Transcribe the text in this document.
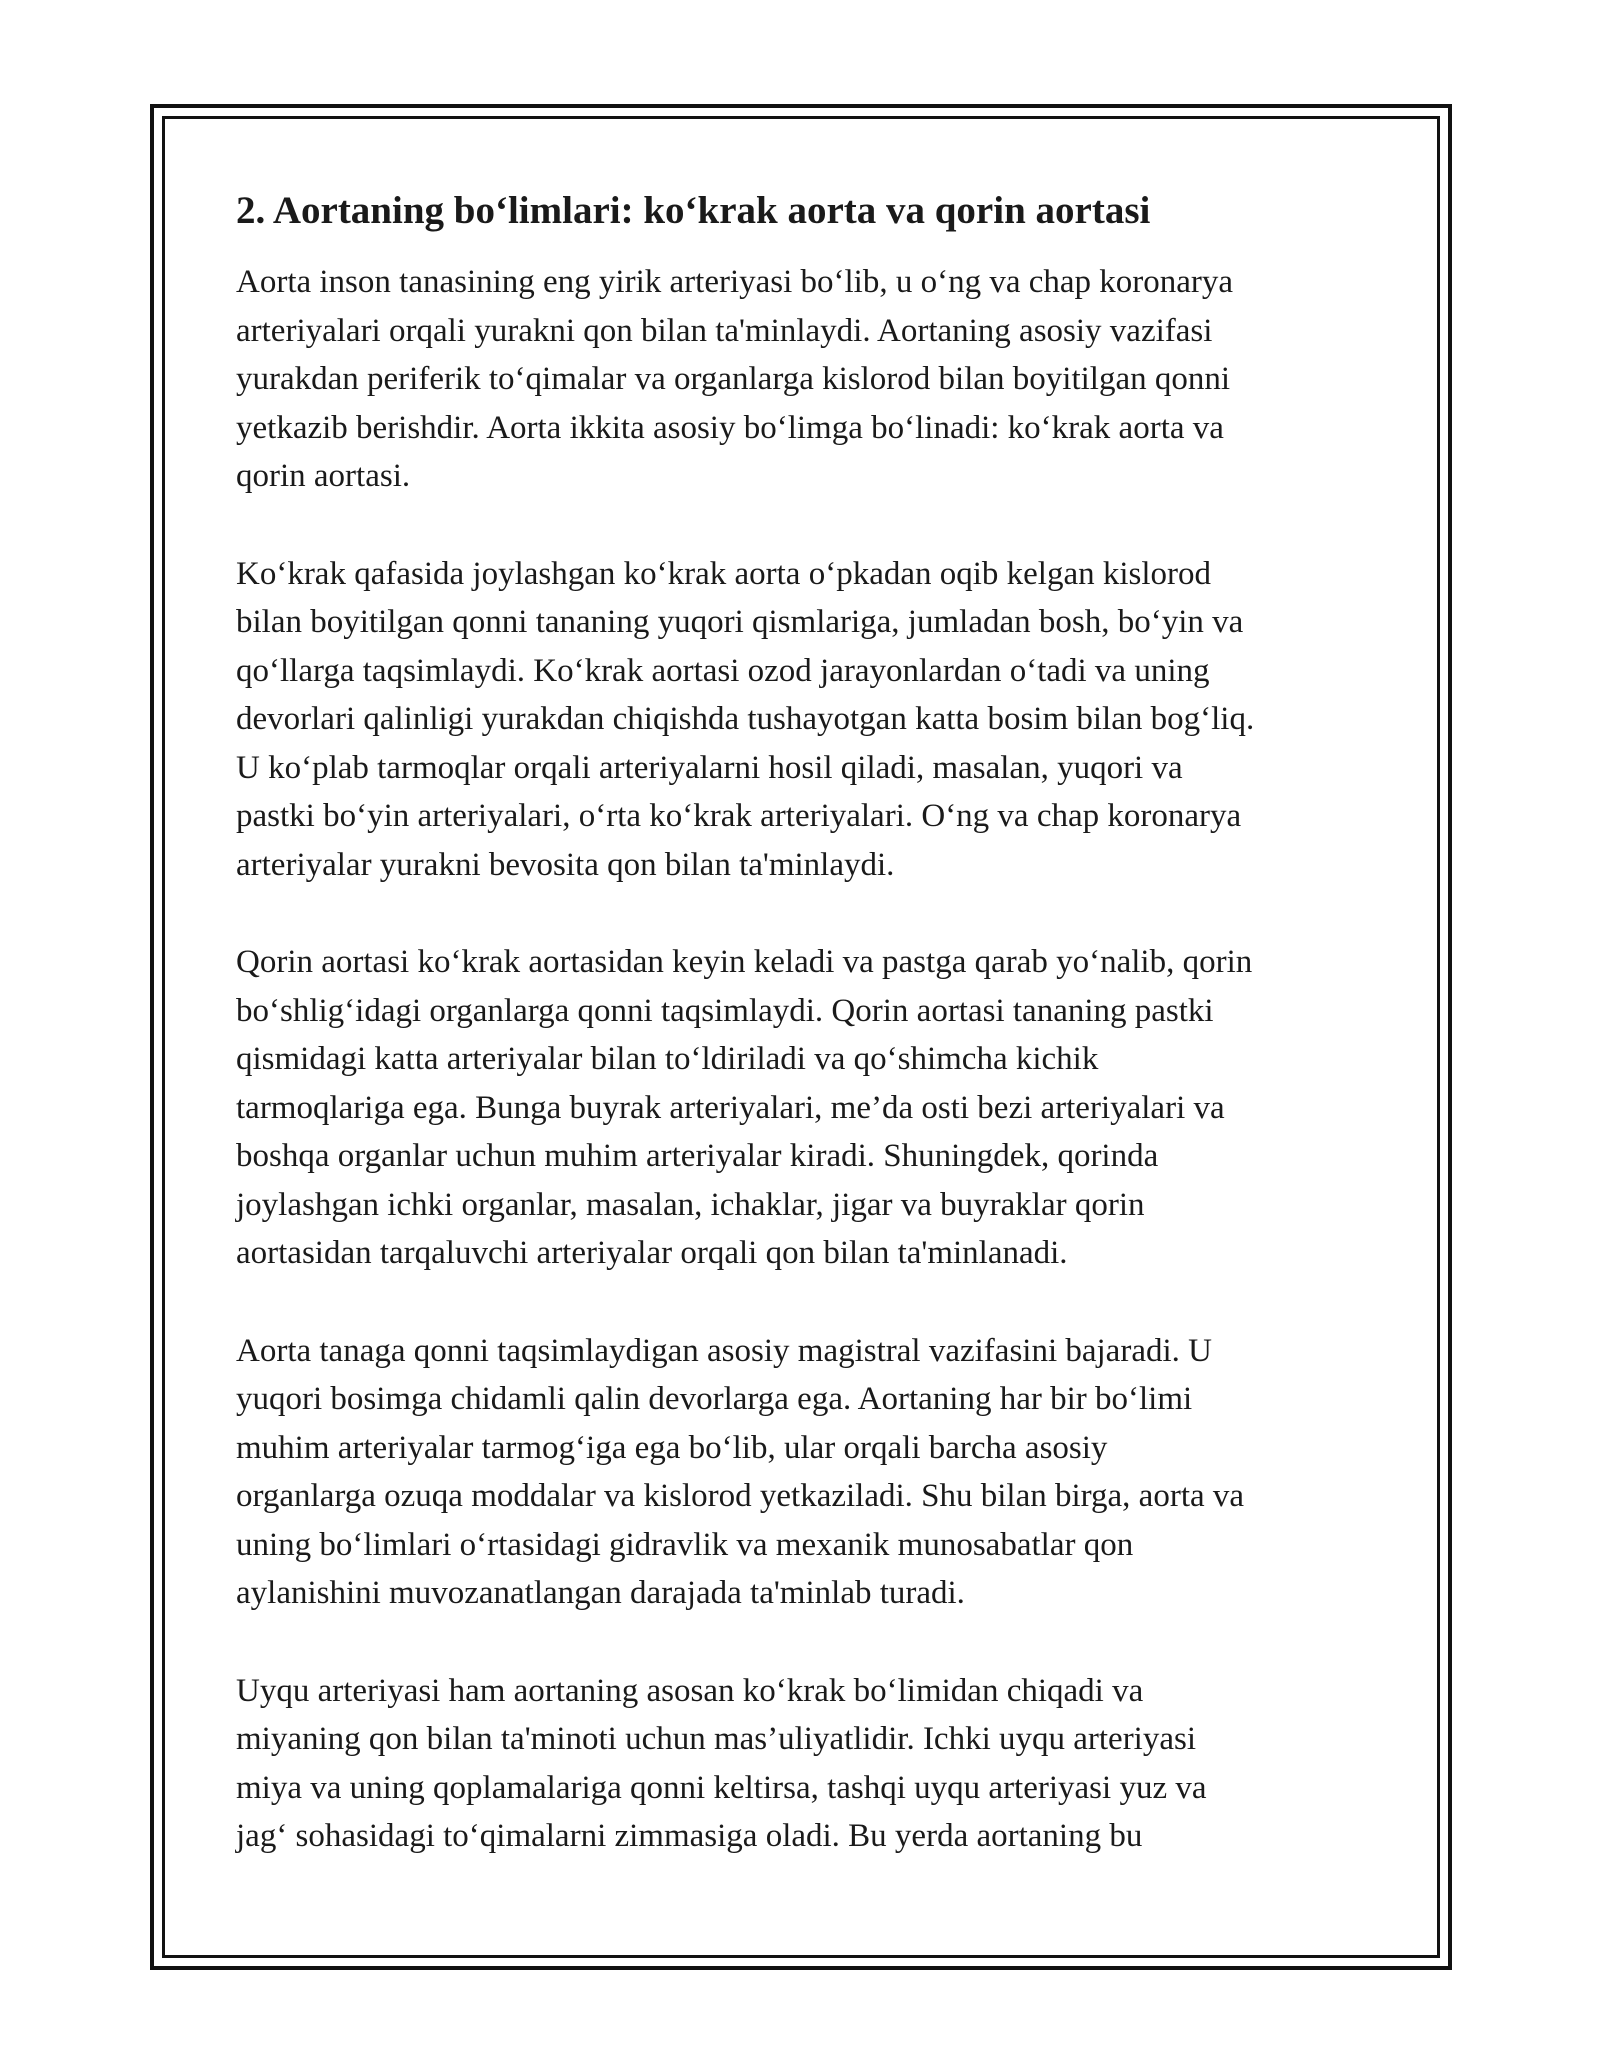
2. Aortaning bo‘limlari: ko‘krak aorta va qorin aortasi

Aorta inson tanasining eng yirik arteriyasi bo‘lib, u o‘ng va chap koronarya
arteriyalari orqali yurakni qon bilan ta'minlaydi. Aortaning asosiy vazifasi
yurakdan periferik to‘qimalar va organlarga kislorod bilan boyitilgan qonni
yetkazib berishdir. Aorta ikkita asosiy bo‘limga bo‘linadi: ko‘krak aorta va
qorin aortasi.

Ko‘krak qafasida joylashgan ko‘krak aorta o‘pkadan oqib kelgan kislorod
bilan boyitilgan qonni tananing yuqori qismlariga, jumladan bosh, bo‘yin va
qo‘llarga taqsimlaydi. Ko‘krak aortasi ozod jarayonlardan o‘tadi va uning
devorlari qalinligi yurakdan chiqishda tushayotgan katta bosim bilan bog‘liq.
U ko‘plab tarmoqlar orqali arteriyalarni hosil qiladi, masalan, yuqori va
pastki bo‘yin arteriyalari, o‘rta ko‘krak arteriyalari. O‘ng va chap koronarya
arteriyalar yurakni bevosita qon bilan ta'minlaydi.

Qorin aortasi ko‘krak aortasidan keyin keladi va pastga qarab yo‘nalib, qorin
bo‘shlig‘idagi organlarga qonni taqsimlaydi. Qorin aortasi tananing pastki
qismidagi katta arteriyalar bilan to‘ldiriladi va qo‘shimcha kichik
tarmoqlariga ega. Bunga buyrak arteriyalari, me’da osti bezi arteriyalari va
boshqa organlar uchun muhim arteriyalar kiradi. Shuningdek, qorinda
joylashgan ichki organlar, masalan, ichaklar, jigar va buyraklar qorin
aortasidan tarqaluvchi arteriyalar orqali qon bilan ta'minlanadi.

Aorta tanaga qonni taqsimlaydigan asosiy magistral vazifasini bajaradi. U
yuqori bosimga chidamli qalin devorlarga ega. Aortaning har bir bo‘limi
muhim arteriyalar tarmog‘iga ega bo‘lib, ular orqali barcha asosiy
organlarga ozuqa moddalar va kislorod yetkaziladi. Shu bilan birga, aorta va
uning bo‘limlari o‘rtasidagi gidravlik va mexanik munosabatlar qon
aylanishini muvozanatlangan darajada ta'minlab turadi.

Uyqu arteriyasi ham aortaning asosan ko‘krak bo‘limidan chiqadi va
miyaning qon bilan ta'minoti uchun mas’uliyatlidir. Ichki uyqu arteriyasi
miya va uning qoplamalariga qonni keltirsa, tashqi uyqu arteriyasi yuz va
jag‘ sohasidagi to‘qimalarni zimmasiga oladi. Bu yerda aortaning bu
